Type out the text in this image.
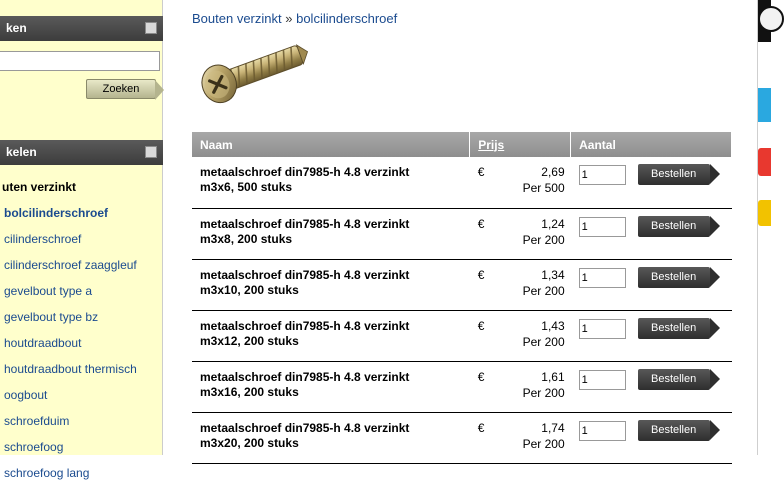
ken
Zoeken
kelen
uten verzinkt
bolcilinderschroef
cilinderschroef
cilinderschroef zaaggleuf
gevelbout type a
gevelbout type bz
houtdraadbout
houtdraadbout thermisch
oogbout
schroefduim
schroefoog
schroefoog lang
Bouten verzinkt » bolcilinderschroef
Naam	Prijs	Aantal
metaalschroef din7985-h 4.8 verzinkt
m3x6, 500 stuks	€ 2,69
Per 500
	1
Bestellen

metaalschroef din7985-h 4.8 verzinkt
m3x8, 200 stuks	€ 1,24
Per 200
	1
Bestellen

metaalschroef din7985-h 4.8 verzinkt
m3x10, 200 stuks	€ 1,34
Per 200
	1
Bestellen

metaalschroef din7985-h 4.8 verzinkt
m3x12, 200 stuks	€ 1,43
Per 200
	1
Bestellen

metaalschroef din7985-h 4.8 verzinkt
m3x16, 200 stuks	€ 1,61
Per 200
	1
Bestellen

metaalschroef din7985-h 4.8 verzinkt
m3x20, 200 stuks	€ 1,74
Per 200
	1
Bestellen
